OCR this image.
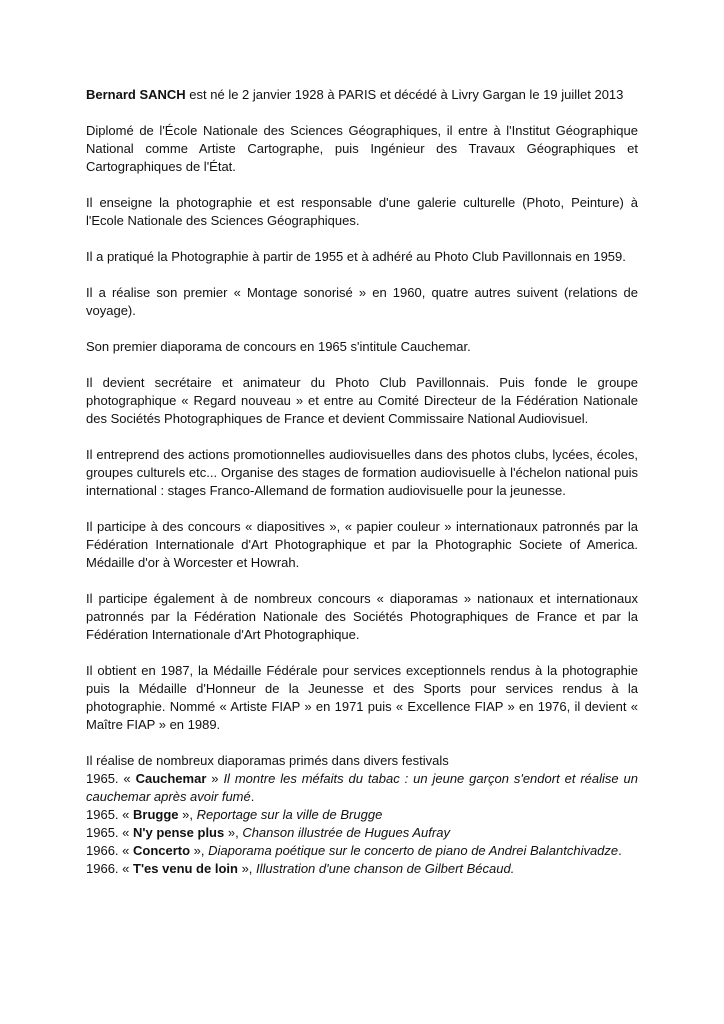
Bernard SANCH est né le 2 janvier 1928 à PARIS et décédé à Livry Gargan le 19 juillet 2013

Diplomé de l'École Nationale des Sciences Géographiques, il entre à l'Institut Géographique National comme Artiste Cartographe, puis Ingénieur des Travaux Géographiques et Cartographiques de l'État.

Il enseigne la photographie et est responsable d'une galerie culturelle (Photo, Peinture) à l'Ecole Nationale des Sciences Géographiques.

Il a pratiqué la Photographie à partir de 1955 et à adhéré au Photo Club Pavillonnais en 1959.

Il a réalise son premier « Montage sonorisé » en 1960, quatre autres suivent (relations de voyage).

Son premier diaporama de concours en 1965 s'intitule Cauchemar.

Il devient secrétaire et animateur du Photo Club Pavillonnais. Puis fonde le groupe photographique « Regard nouveau » et entre au Comité Directeur de la Fédération Nationale des Sociétés Photographiques de France et devient Commissaire National Audiovisuel.

Il entreprend des actions promotionnelles audiovisuelles dans des photos clubs, lycées, écoles, groupes culturels etc... Organise des stages de formation audiovisuelle à l'échelon national puis international : stages Franco-Allemand de formation audiovisuelle pour la jeunesse.

Il participe à des concours « diapositives », « papier couleur » internationaux patronnés par la Fédération Internationale d'Art Photographique et par la Photographic Societe of America. Médaille d'or à Worcester et Howrah.

Il participe également à de nombreux concours « diaporamas » nationaux et internationaux patronnés par la Fédération Nationale des Sociétés Photographiques de France et par la Fédération Internationale d'Art Photographique.

Il obtient en 1987, la Médaille Fédérale pour services exceptionnels rendus à la photographie puis la Médaille d'Honneur de la Jeunesse et des Sports pour services rendus à la photographie. Nommé « Artiste FIAP » en 1971 puis « Excellence FIAP » en 1976, il devient « Maître FIAP » en 1989.

Il réalise de nombreux diaporamas primés dans divers festivals

1965. « Cauchemar » Il montre les méfaits du tabac : un jeune garçon s'endort et réalise un cauchemar après avoir fumé.

1965. « Brugge », Reportage sur la ville de Brugge

1965. « N'y pense plus », Chanson illustrée de Hugues Aufray

1966. « Concerto », Diaporama poétique sur le concerto de piano de Andrei Balantchivadze.

1966. « T'es venu de loin », Illustration d'une chanson de Gilbert Bécaud.
